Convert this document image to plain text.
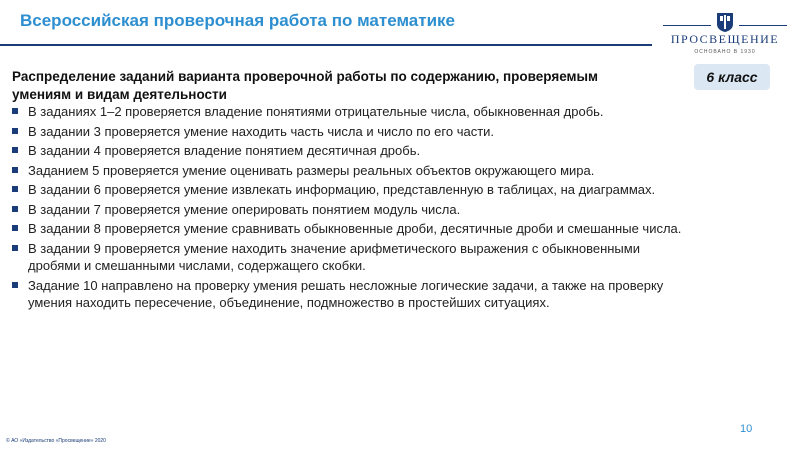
Всероссийская проверочная работа по математике
ПРОСВЕЩЕНИЕ
ОСНОВАНО В 1930
6 класс
Распределение заданий варианта проверочной работы по содержанию, проверяемым умениям и видам деятельности
В заданиях 1–2 проверяется владение понятиями отрицательные числа, обыкновенная дробь.
В задании 3 проверяется умение находить часть числа и число по его части.
В задании 4 проверяется владение понятием десятичная дробь.
Заданием 5 проверяется умение оценивать размеры реальных объектов окружающего мира.
В задании 6 проверяется умение извлекать информацию, представленную в таблицах, на диаграммах.
В задании 7 проверяется умение оперировать понятием модуль числа.
В задании 8 проверяется умение сравнивать обыкновенные дроби, десятичные дроби и смешанные числа.
В задании 9 проверяется умение находить значение арифметического выражения с обыкновенными дробями и смешанными числами, содержащего скобки.
Задание 10 направлено на проверку умения решать несложные логические задачи, а также на проверку умения находить пересечение, объединение, подмножество в простейших ситуациях.
10
© АО «Издательство «Просвещение» 2020
